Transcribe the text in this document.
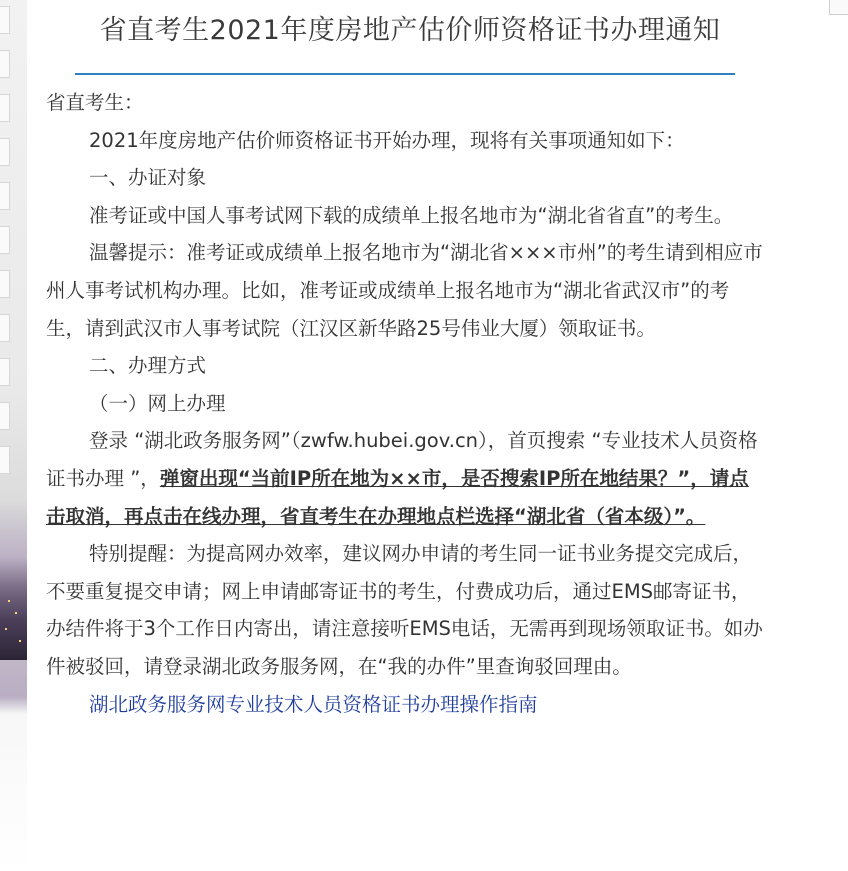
省直考生2021年度房地产估价师资格证书办理通知

省直考生：

2021年度房地产估价师资格证书开始办理，现将有关事项通知如下：

一、办证对象

准考证或中国人事考试网下载的成绩单上报名地市为“湖北省省直”的考生。

温馨提示：准考证或成绩单上报名地市为“湖北省×××市州”的考生请到相应市州人事考试机构办理。比如，准考证或成绩单上报名地市为“湖北省武汉市”的考生，请到武汉市人事考试院（江汉区新华路25号伟业大厦）领取证书。

二、办理方式

（一）网上办理

登录 “湖北政务服务网”（zwfw.hubei.gov.cn），首页搜索 “专业技术人员资格证书办理 ”，弹窗出现“当前IP所在地为××市，是否搜索IP所在地结果？”，请点击取消，再点击在线办理，省直考生在办理地点栏选择“湖北省（省本级）”。

特别提醒：为提高网办效率，建议网办申请的考生同一证书业务提交完成后，不要重复提交申请；网上申请邮寄证书的考生，付费成功后，通过EMS邮寄证书，办结件将于3个工作日内寄出，请注意接听EMS电话，无需再到现场领取证书。如办件被驳回，请登录湖北政务服务网，在“我的办件”里查询驳回理由。

湖北政务服务网专业技术人员资格证书办理操作指南
